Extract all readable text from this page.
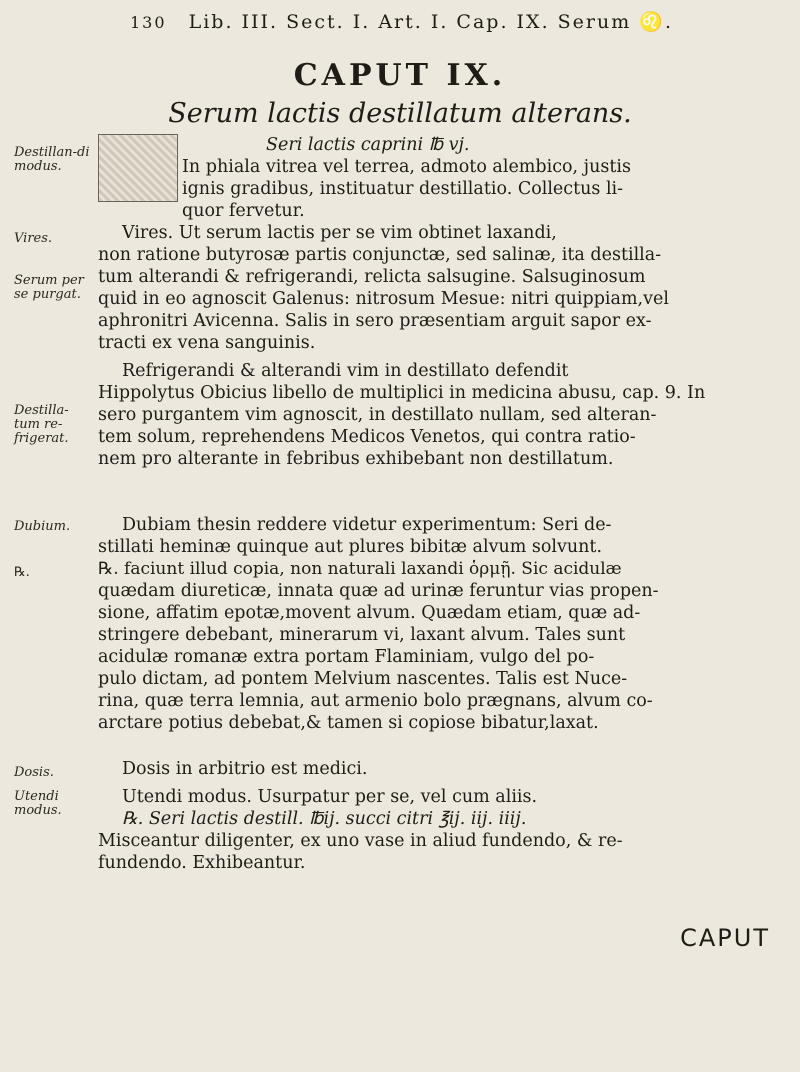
130 Lib. III. Sect. I. Art. I. Cap. IX. Serum ♌.
CAPUT IX.
Serum lactis destillatum alterans.
Destillan-di modus.
Vires.
Serum per se purgat.
Destilla-tum re-frigerat.
Dubium.
℞.
Dosis.
Utendi modus.

Seri lactis caprini ℔ vj.

In phiala vitrea vel terrea, admoto alembico, justis

ignis gradibus, instituatur destillatio. Collectus li-

quor fervetur.

Vires. Ut serum lactis per se vim obtinet laxandi,

non ratione butyrosæ partis conjunctæ, sed salinæ, ita destilla-

tum alterandi & refrigerandi, relicta salsugine. Salsuginosum

quid in eo agnoscit Galenus: nitrosum Mesue: nitri quippiam,vel

aphronitri Avicenna. Salis in sero præsentiam arguit sapor ex-

tracti ex vena sanguinis.

Refrigerandi & alterandi vim in destillato defendit

Hippolytus Obicius libello de multiplici in medicina abusu, cap. 9. In

sero purgantem vim agnoscit, in destillato nullam, sed alteran-

tem solum, reprehendens Medicos Venetos, qui contra ratio-

nem pro alterante in febribus exhibebant non destillatum.

Dubiam thesin reddere videtur experimentum: Seri de-

stillati heminæ quinque aut plures bibitæ alvum solvunt.

℞. faciunt illud copia, non naturali laxandi ὁρμῇ. Sic acidulæ

quædam diureticæ, innata quæ ad urinæ feruntur vias propen-

sione, affatim epotæ,movent alvum. Quædam etiam, quæ ad-

stringere debebant, minerarum vi, laxant alvum. Tales sunt

acidulæ romanæ extra portam Flaminiam, vulgo del po-

pulo dictam, ad pontem Melvium nascentes. Talis est Nuce-

rina, quæ terra lemnia, aut armenio bolo prægnans, alvum co-

arctare potius debebat,& tamen si copiose bibatur,laxat.

Dosis in arbitrio est medici.

Utendi modus. Usurpatur per se, vel cum aliis.

℞. Seri lactis destill. ℔ij. succi citri ℥ij. iij. iiij.

Misceantur diligenter, ex uno vase in aliud fundendo, & re-

fundendo. Exhibeantur.

CAPUT
